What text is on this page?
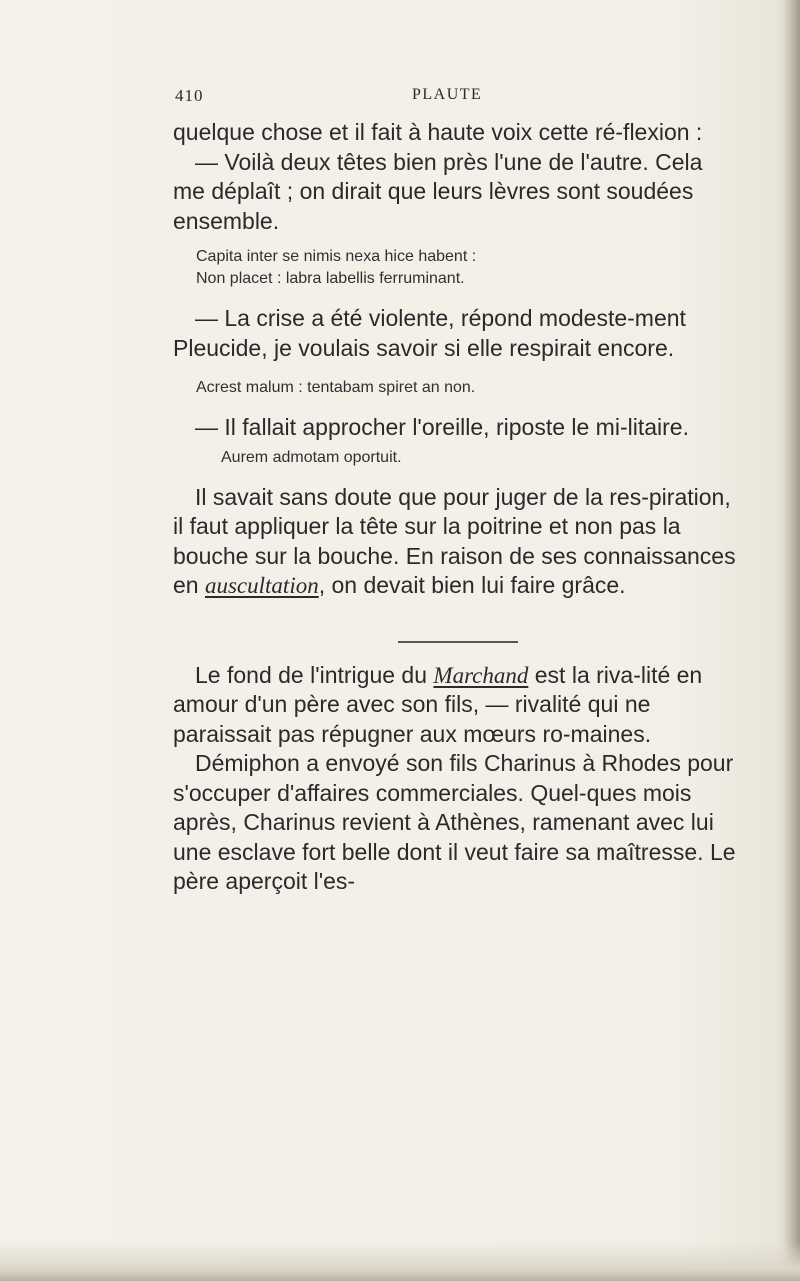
410	PLAUTE

quelque chose et il fait à haute voix cette ré-flexion :

— Voilà deux têtes bien près l'une de l'autre. Cela me déplaît ; on dirait que leurs lèvres sont soudées ensemble.

Capita inter se nimis nexa hice habent :
Non placet : labra labellis ferruminant.

— La crise a été violente, répond modeste-ment Pleucide, je voulais savoir si elle respirait encore.

Acrest malum : tentabam spiret an non.

— Il fallait approcher l'oreille, riposte le mi-litaire.

Aurem admotam oportuit.

Il savait sans doute que pour juger de la res-piration, il faut appliquer la tête sur la poitrine et non pas la bouche sur la bouche. En raison de ses connaissances en auscultation, on devait bien lui faire grâce.

Le fond de l'intrigue du Marchand est la riva-lité en amour d'un père avec son fils, — rivalité qui ne paraissait pas répugner aux mœurs ro-maines.

Démiphon a envoyé son fils Charinus à Rhodes pour s'occuper d'affaires commerciales. Quel-ques mois après, Charinus revient à Athènes, ramenant avec lui une esclave fort belle dont il veut faire sa maîtresse. Le père aperçoit l'es-
